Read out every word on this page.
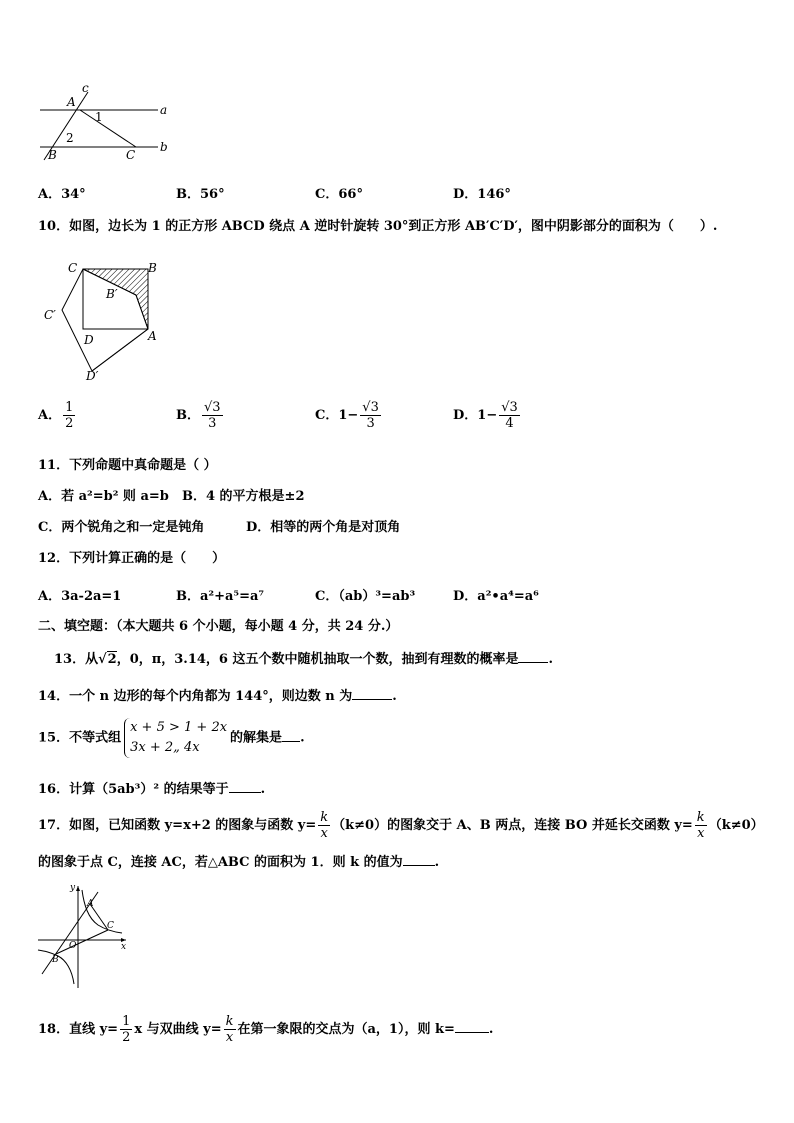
c
A
1	a
2
B	C
b
A．34°	B．56°	C．66°	D．146°
10．如图，边长为 1 的正方形 ABCD 绕点 A 逆时针旋转 30°到正方形 AB′C′D′，图中阴影部分的面积为（　　）.
C	B
B′
C′
D	A
D′
A． $\frac{1}{2}$	B． $\frac{√3}{3}$	C．$1- \frac{√3}{3}$	D．$1- \frac{√3}{4}$
11．下列命题中真命题是（ ）
A．若 a²=b² 则 a=b B．4 的平方根是±2
C．两个锐角之和一定是钝角	D．相等的两个角是对顶角
12．下列计算正确的是（　　）
A．3a-2a=1	B．a²+a⁵=a⁷	C．（ab）³=ab³	D．a²•a⁴=a⁶
二、填空题：（本大题共 6 个小题，每小题 4 分，共 24 分.）
13．从√2，0，π，3.14，6 这五个数中随机抽取一个数，抽到有理数的概率是 .
14．一个 n 边形的每个内角都为 144°，则边数 n 为	.
15．不等式组
x + 5 > 1 + 2x
3x + 2„ 4x
的解集是 .
16．计算（5ab³）² 的结果等于 .
17．如图，已知函数 y=x+2 的图象与函数 $y= \frac{k}{x} (k\ne 0)$的图象交于 A、B 两点，连接 BO 并延长交函数 $y= \frac{k}{x} (k\ne 0)$
的图象于点 C，连接 AC，若△ABC 的面积为 1．则 k 的值为 .
y
A
C
O	x
B
18．直线 $y= \frac{1}{2}$ x 与双曲线 $y= \frac{k}{x}$ 在第一象限的交点为（a，1），则 k=	.
